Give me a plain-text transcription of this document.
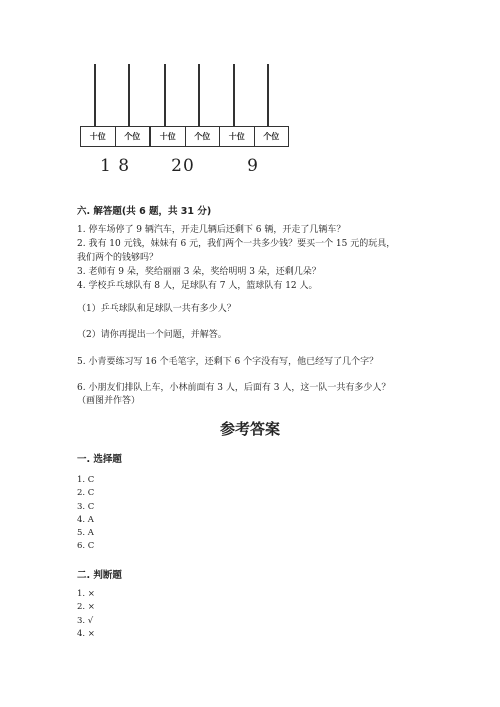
十位	个位
1 8
十位	个位
20
十位	个位
9
六. 解答题(共 6 题，共 31 分)
1. 停车场停了 9 辆汽车，开走几辆后还剩下 6 辆，开走了几辆车？
2. 我有 10 元钱，妹妹有 6 元，我们两个一共多少钱？要买一个 15 元的玩具，
我们两个的钱够吗？
3. 老师有 9 朵，奖给丽丽 3 朵，奖给明明 3 朵，还剩几朵？
4. 学校乒乓球队有 8 人，足球队有 7 人，篮球队有 12 人。
（1）乒乓球队和足球队一共有多少人？
（2）请你再提出一个问题，并解答。
5. 小青要练习写 16 个毛笔字，还剩下 6 个字没有写，他已经写了几个字？
6. 小朋友们排队上车，小林前面有 3 人，后面有 3 人，这一队一共有多少人？
（画图并作答）
参考答案
一. 选择题
1. C
2. C
3. C
4. A
5. A
6. C
二. 判断题
1. ×
2. ×
3. √
4. ×
